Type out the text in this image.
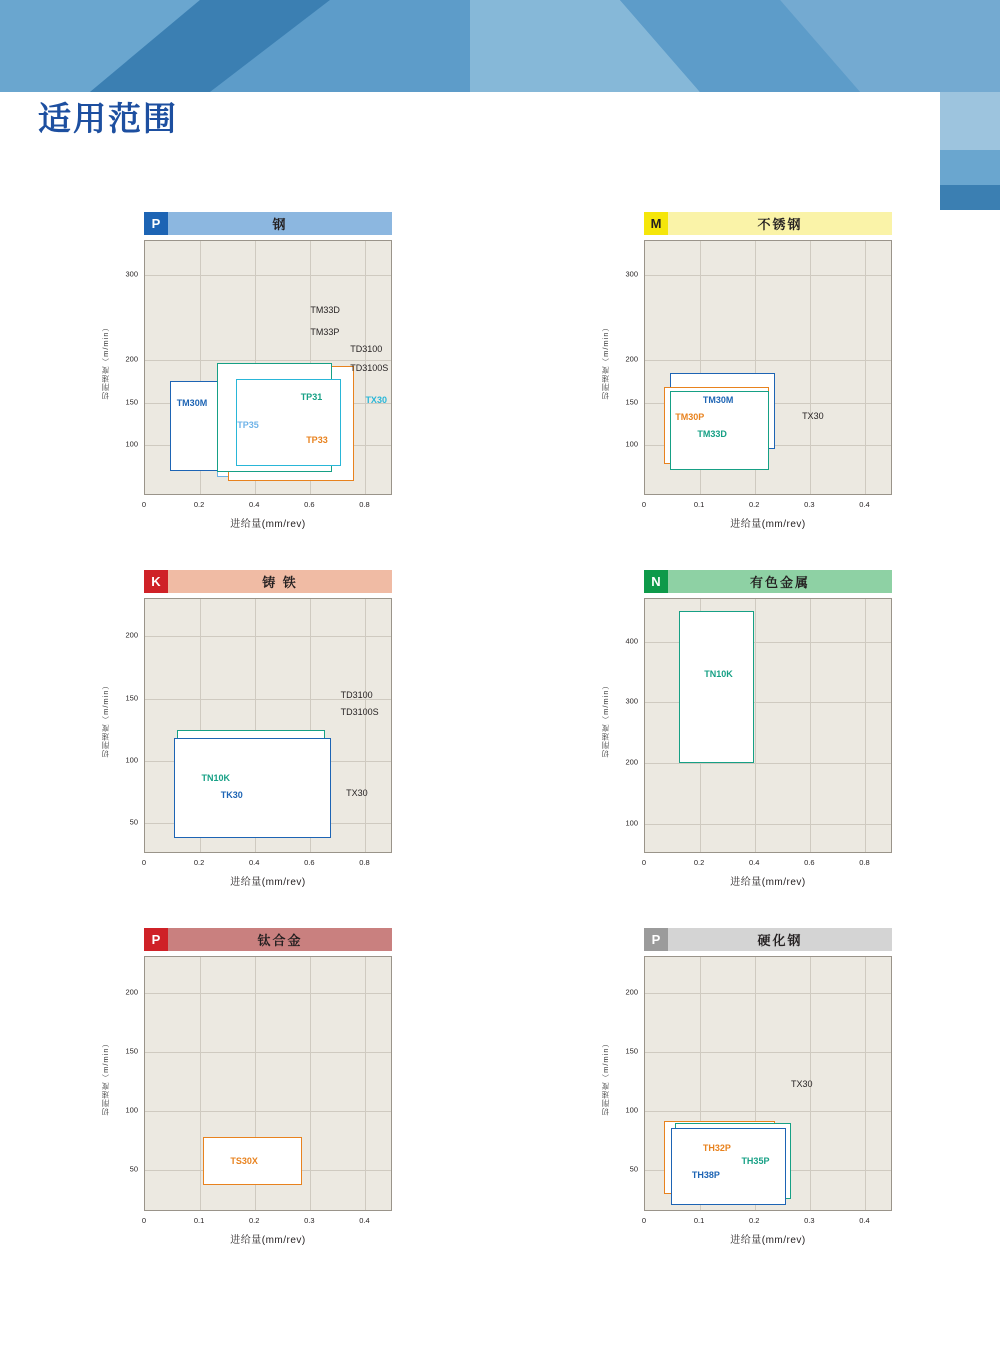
适用范围
P	钢
切削速度（m/min）
0	0.2	0.4	0.6	0.8
100
150
200
300
TM30M
TP35
TP33
TP31	TX30
TM33D
TM33P
TD3100
TD3100S
进给量(mm/rev)
M	不锈钢
切削速度（m/min）
0	0.1	0.2	0.3	0.4
100
150
200
300
TM30M
TM30P
TM33D
TX30
进给量(mm/rev)
K	铸 铁
切削速度（m/min）
0	0.2	0.4	0.6	0.8
50
100
150
200
TN10K
TK30	TX30
TD3100
TD3100S
进给量(mm/rev)
N	有色金属
切削速度（m/min）
0	0.2	0.4	0.6	0.8
100
200
300
400
TN10K
进给量(mm/rev)
P	钛合金
切削速度（m/min）
0	0.1	0.2	0.3	0.4
50
100
150
200
TS30X
进给量(mm/rev)
P	硬化钢
切削速度（m/min）
0	0.1	0.2	0.3	0.4
50
100
150
200
TH32P
TH35P
TH38P
TX30
进给量(mm/rev)
